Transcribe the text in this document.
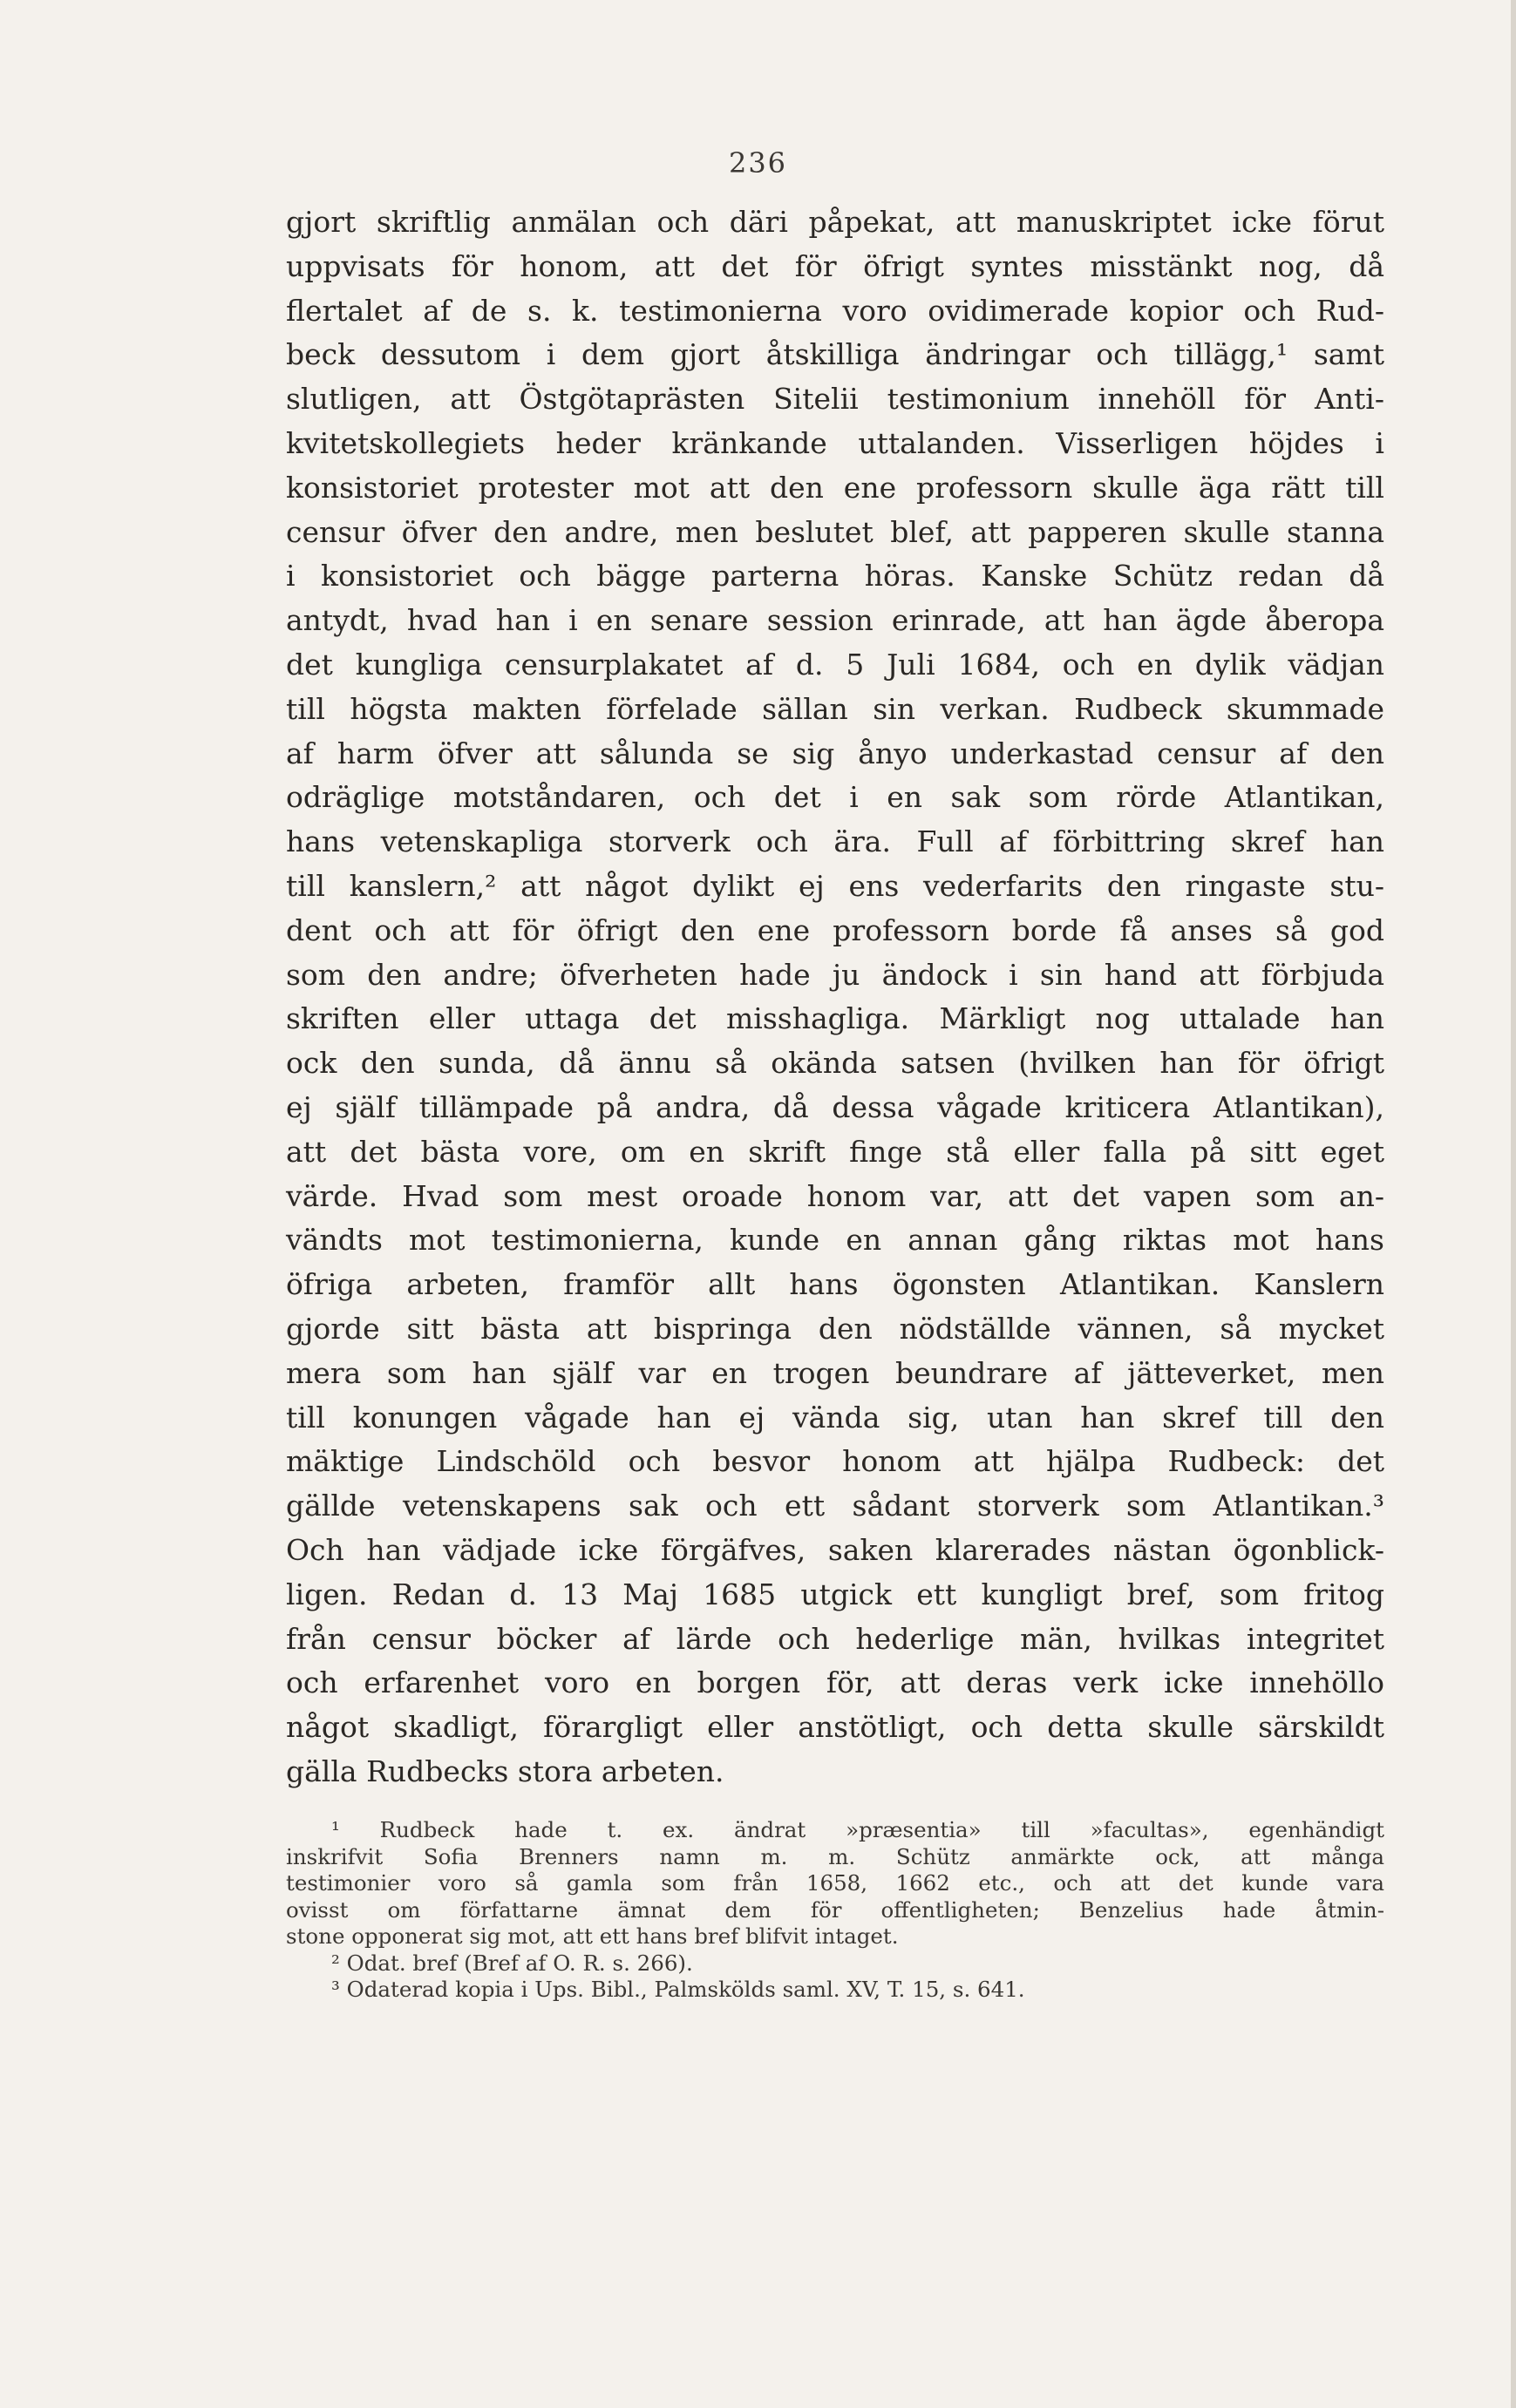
236
gjort skriftlig anmälan och däri påpekat, att manuskriptet icke förut
uppvisats för honom, att det för öfrigt syntes misstänkt nog, då
flertalet af de s. k. testimonierna voro ovidimerade kopior och Rud-
beck dessutom i dem gjort åtskilliga ändringar och tillägg,¹ samt
slutligen, att Östgötaprästen Sitelii testimonium innehöll för Anti-
kvitetskollegiets heder kränkande uttalanden. Visserligen höjdes i
konsistoriet protester mot att den ene professorn skulle äga rätt till
censur öfver den andre, men beslutet blef, att papperen skulle stanna
i konsistoriet och bägge parterna höras. Kanske Schütz redan då
antydt, hvad han i en senare session erinrade, att han ägde åberopa
det kungliga censurplakatet af d. 5 Juli 1684, och en dylik vädjan
till högsta makten förfelade sällan sin verkan. Rudbeck skummade
af harm öfver att sålunda se sig ånyo underkastad censur af den
odräglige motståndaren, och det i en sak som rörde Atlantikan,
hans vetenskapliga storverk och ära. Full af förbittring skref han
till kanslern,² att något dylikt ej ens vederfarits den ringaste stu-
dent och att för öfrigt den ene professorn borde få anses så god
som den andre; öfverheten hade ju ändock i sin hand att förbjuda
skriften eller uttaga det misshagliga. Märkligt nog uttalade han
ock den sunda, då ännu så okända satsen (hvilken han för öfrigt
ej själf tillämpade på andra, då dessa vågade kriticera Atlantikan),
att det bästa vore, om en skrift finge stå eller falla på sitt eget
värde. Hvad som mest oroade honom var, att det vapen som an-
vändts mot testimonierna, kunde en annan gång riktas mot hans
öfriga arbeten, framför allt hans ögonsten Atlantikan. Kanslern
gjorde sitt bästa att bispringa den nödställde vännen, så mycket
mera som han själf var en trogen beundrare af jätteverket, men
till konungen vågade han ej vända sig, utan han skref till den
mäktige Lindschöld och besvor honom att hjälpa Rudbeck: det
gällde vetenskapens sak och ett sådant storverk som Atlantikan.³
Och han vädjade icke förgäfves, saken klarerades nästan ögonblick-
ligen. Redan d. 13 Maj 1685 utgick ett kungligt bref, som fritog
från censur böcker af lärde och hederlige män, hvilkas integritet
och erfarenhet voro en borgen för, att deras verk icke innehöllo
något skadligt, förargligt eller anstötligt, och detta skulle särskildt
gälla Rudbecks stora arbeten.
¹ Rudbeck hade t. ex. ändrat »præsentia» till »facultas», egenhändigt
inskrifvit Sofia Brenners namn m. m. Schütz anmärkte ock, att många
testimonier voro så gamla som från 1658, 1662 etc., och att det kunde vara
ovisst om författarne ämnat dem för offentligheten; Benzelius hade åtmin-
stone opponerat sig mot, att ett hans bref blifvit intaget.
² Odat. bref (Bref af O. R. s. 266).
³ Odaterad kopia i Ups. Bibl., Palmskölds saml. XV, T. 15, s. 641.
